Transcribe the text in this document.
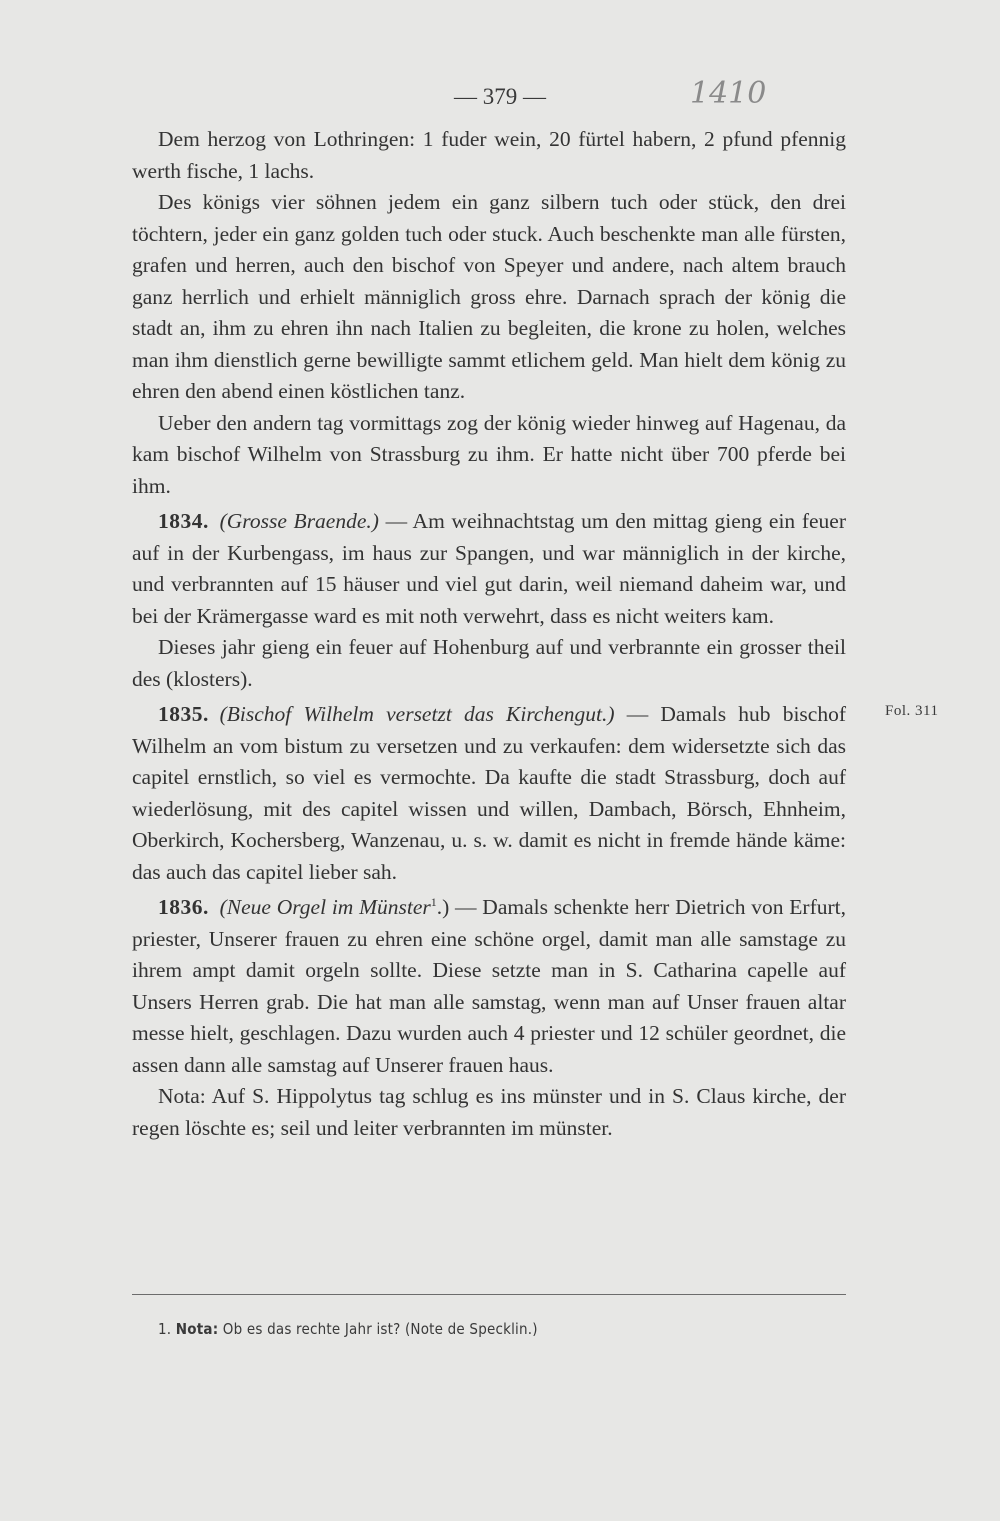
— 379 —	1410

Dem herzog von Lothringen: 1 fuder wein, 20 fürtel habern, 2 pfund pfennig werth fische, 1 lachs.

Des königs vier söhnen jedem ein ganz silbern tuch oder stück, den drei töchtern, jeder ein ganz golden tuch oder stuck. Auch beschenkte man alle fürsten, grafen und herren, auch den bischof von Speyer und andere, nach altem brauch ganz herrlich und erhielt männiglich gross ehre. Darnach sprach der könig die stadt an, ihm zu ehren ihn nach Italien zu begleiten, die krone zu holen, welches man ihm dienstlich gerne bewilligte sammt etlichem geld. Man hielt dem könig zu ehren den abend einen köstlichen tanz.

Ueber den andern tag vormittags zog der könig wieder hinweg auf Hagenau, da kam bischof Wilhelm von Strassburg zu ihm. Er hatte nicht über 700 pferde bei ihm.

1834.  (Grosse Braende.) — Am weihnachtstag um den mittag gieng ein feuer auf in der Kurbengass, im haus zur Spangen, und war männiglich in der kirche, und verbrannten auf 15 häuser und viel gut darin, weil niemand daheim war, und bei der Krämergasse ward es mit noth verwehrt, dass es nicht weiters kam.

Dieses jahr gieng ein feuer auf Hohenburg auf und verbrannte ein grosser theil des (klosters).

1835.  (Bischof Wilhelm versetzt das Kirchengut.) — Damals hub bischof Wilhelm an vom bistum zu versetzen und zu verkaufen: dem widersetzte sich das capitel ernstlich, so viel es vermochte. Da kaufte die stadt Strassburg, doch auf wiederlösung, mit des capitel wissen und willen, Dambach, Börsch, Ehnheim, Oberkirch, Kochersberg, Wanzenau, u. s. w. damit es nicht in fremde hände käme: das auch das capitel lieber sah.

1836.  (Neue Orgel im Münster$^1$.) — Damals schenkte herr Dietrich von Erfurt, priester, Unserer frauen zu ehren eine schöne orgel, damit man alle samstage zu ihrem ampt damit orgeln sollte. Diese setzte man in S. Catharina capelle auf Unsers Herren grab. Die hat man alle samstag, wenn man auf Unser frauen altar messe hielt, geschlagen. Dazu wurden auch 4 priester und 12 schüler geordnet, die assen dann alle samstag auf Unserer frauen haus.

Nota: Auf S. Hippolytus tag schlug es ins münster und in S. Claus kirche, der regen löschte es; seil und leiter verbrannten im münster.

Fol. 311
1. Nota: Ob es das rechte Jahr ist? (Note de Specklin.)
